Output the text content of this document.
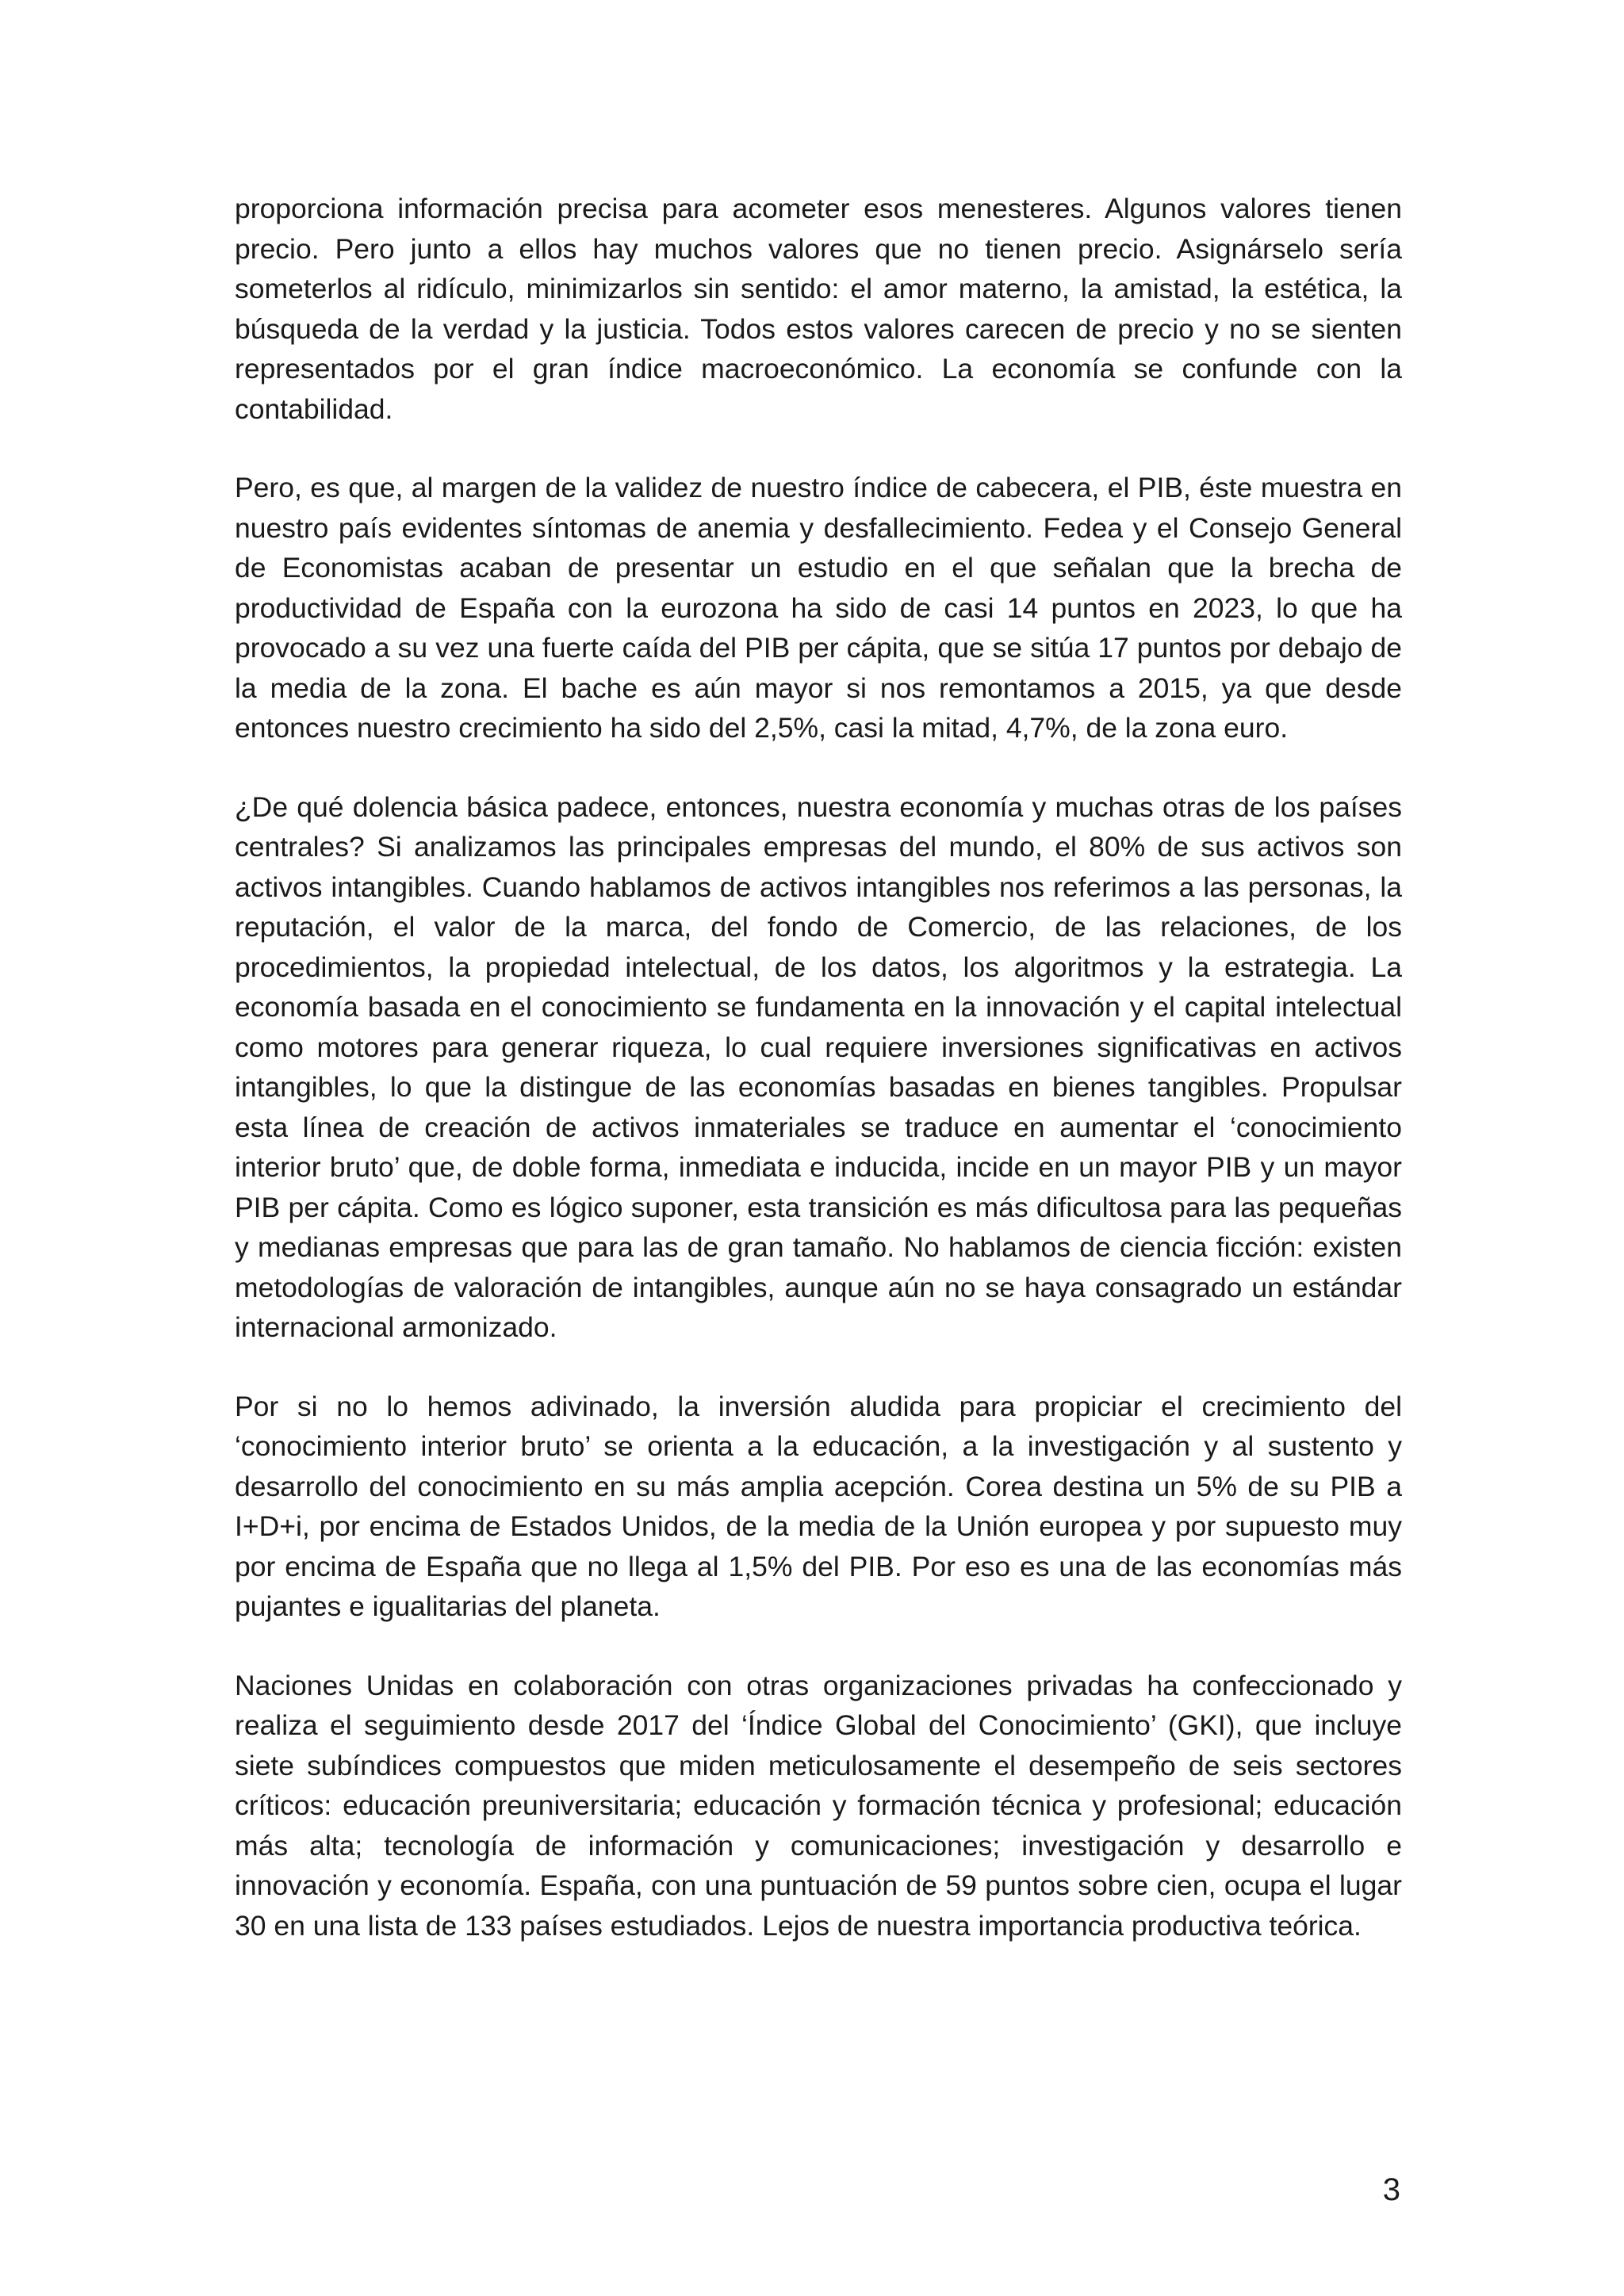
proporciona información precisa para acometer esos menesteres. Algunos valores tienen precio. Pero junto a ellos hay muchos valores que no tienen precio. Asignárselo sería someterlos al ridículo, minimizarlos sin sentido: el amor materno, la amistad, la estética, la búsqueda de la verdad y la justicia. Todos estos valores carecen de precio y no se sienten representados por el gran índice macroeconómico. La economía se confunde con la contabilidad.

Pero, es que, al margen de la validez de nuestro índice de cabecera, el PIB, éste muestra en nuestro país evidentes síntomas de anemia y desfallecimiento. Fedea y el Consejo General de Economistas acaban de presentar un estudio en el que señalan que la brecha de productividad de España con la eurozona ha sido de casi 14 puntos en 2023, lo que ha provocado a su vez una fuerte caída del PIB per cápita, que se sitúa 17 puntos por debajo de la media de la zona. El bache es aún mayor si nos remontamos a 2015, ya que desde entonces nuestro crecimiento ha sido del 2,5%, casi la mitad, 4,7%, de la zona euro.

¿De qué dolencia básica padece, entonces, nuestra economía y muchas otras de los países centrales? Si analizamos las principales empresas del mundo, el 80% de sus activos son activos intangibles. Cuando hablamos de activos intangibles nos referimos a las personas, la reputación, el valor de la marca, del fondo de Comercio, de las relaciones, de los procedimientos, la propiedad intelectual, de los datos, los algoritmos y la estrategia. La economía basada en el conocimiento se fundamenta en la innovación y el capital intelectual como motores para generar riqueza, lo cual requiere inversiones significativas en activos intangibles, lo que la distingue de las economías basadas en bienes tangibles. Propulsar esta línea de creación de activos inmateriales se traduce en aumentar el ‘conocimiento interior bruto’ que, de doble forma, inmediata e inducida, incide en un mayor PIB y un mayor PIB per cápita. Como es lógico suponer, esta transición es más dificultosa para las pequeñas y medianas empresas que para las de gran tamaño. No hablamos de ciencia ficción: existen metodologías de valoración de intangibles, aunque aún no se haya consagrado un estándar internacional armonizado.

Por si no lo hemos adivinado, la inversión aludida para propiciar el crecimiento del ‘conocimiento interior bruto’ se orienta a la educación, a la investigación y al sustento y desarrollo del conocimiento en su más amplia acepción. Corea destina un 5% de su PIB a I+D+i, por encima de Estados Unidos, de la media de la Unión europea y por supuesto muy por encima de España que no llega al 1,5% del PIB. Por eso es una de las economías más pujantes e igualitarias del planeta.

Naciones Unidas en colaboración con otras organizaciones privadas ha confeccionado y realiza el seguimiento desde 2017 del ‘Índice Global del Conocimiento’ (GKI), que incluye siete subíndices compuestos que miden meticulosamente el desempeño de seis sectores críticos: educación preuniversitaria; educación y formación técnica y profesional; educación más alta; tecnología de información y comunicaciones; investigación y desarrollo e innovación y economía. España, con una puntuación de 59 puntos sobre cien, ocupa el lugar 30 en una lista de 133 países estudiados. Lejos de nuestra importancia productiva teórica.

3
